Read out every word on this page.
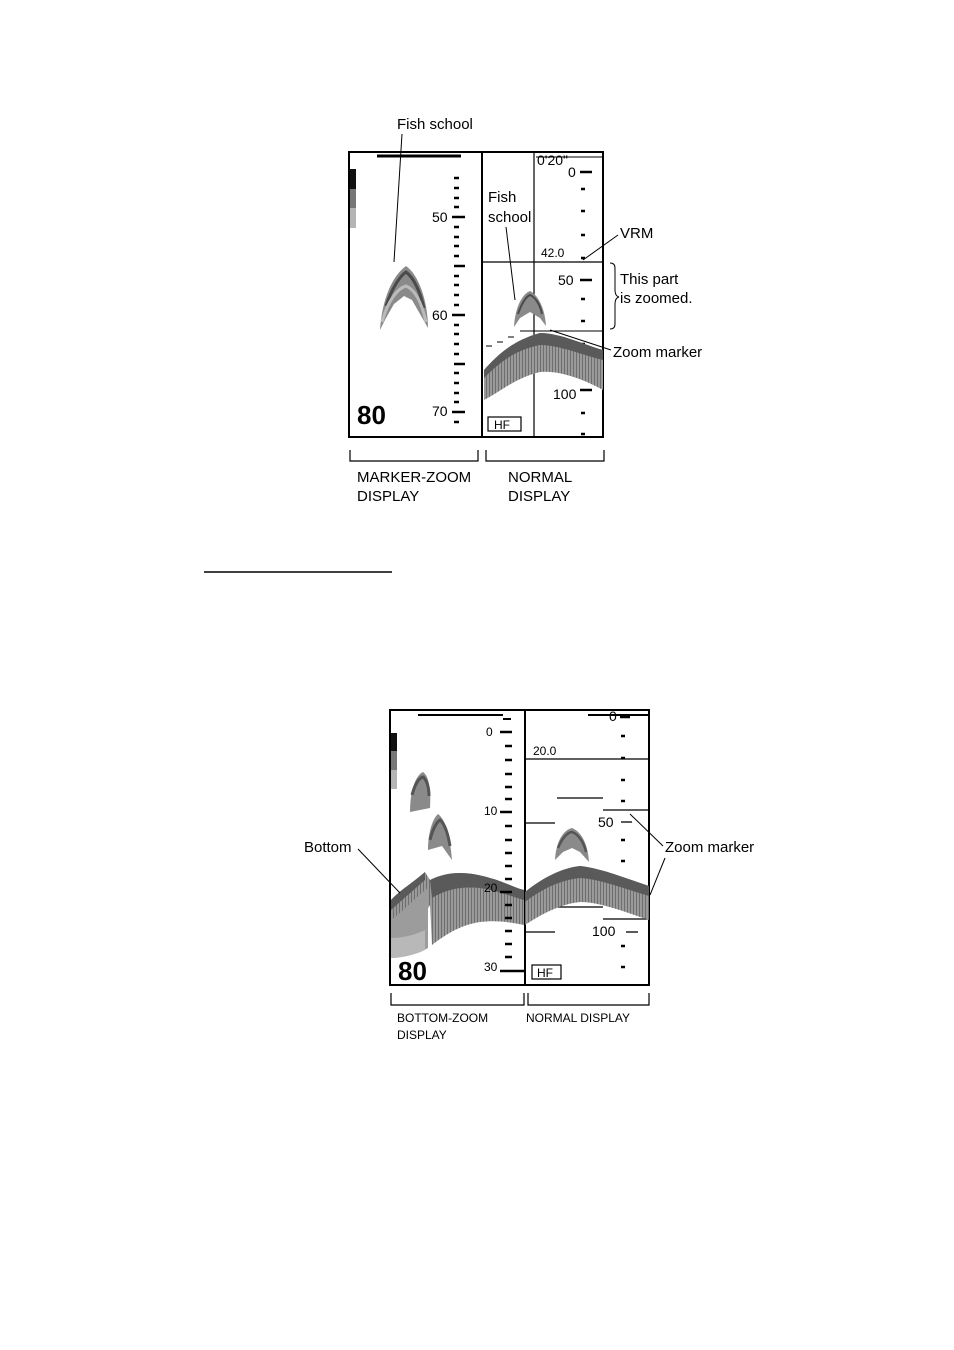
50
60
70
80
0'20"
0
50
100
42.0
HF
Fish school
Fish
school
VRM
This part
is zoomed.
Zoom marker
MARKER-ZOOM
DISPLAY
NORMAL
DISPLAY
0
10
20
30
80
0
50
100
20.0
HF
Bottom	Zoom marker
BOTTOM-ZOOM
DISPLAY
NORMAL DISPLAY
